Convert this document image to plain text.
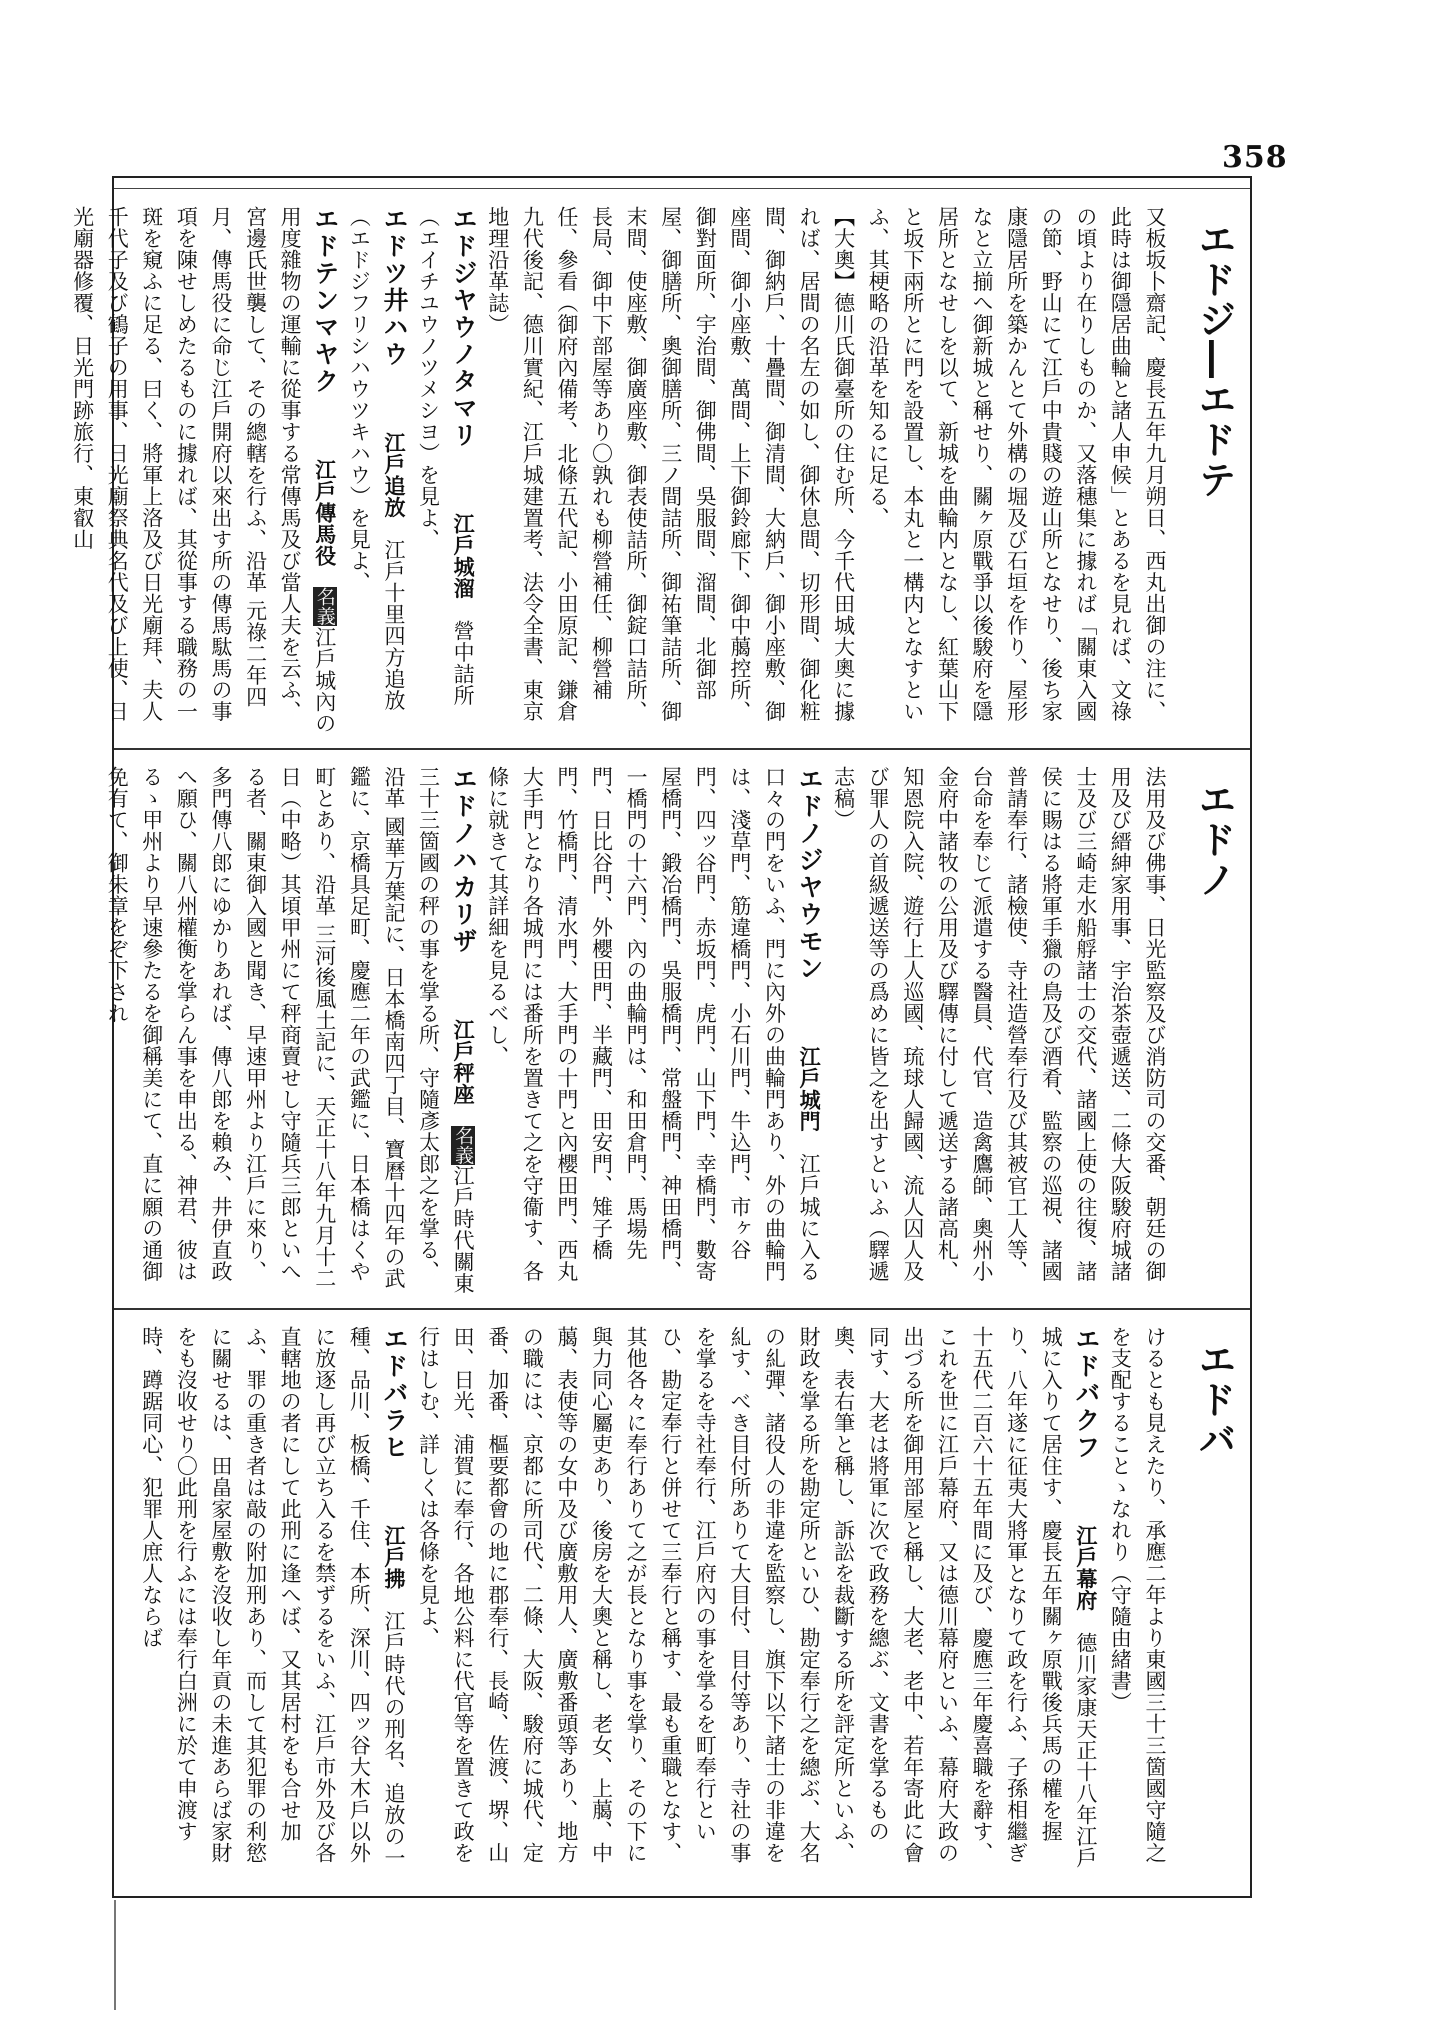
358
エドジ―エドテ
又板坂卜齋記、慶長五年九月朔日、西丸出御の注に、此時は御隱居曲輪と諸人申候」とあるを見れば、文祿の頃より在りしものか、又落穗集に據れば「關東入國の節、野山にて江戶中貴賤の遊山所となせり、後ち家康隱居所を築かんとて外構の堀及び石垣を作り、屋形なと立揃へ御新城と稱せり、關ヶ原戰爭以後駿府を隱居所となせしを以て、新城を曲輪内となし、紅葉山下と坂下兩所とに門を設置し、本丸と一構内となすといふ、其梗略の沿革を知るに足る、
【大奧】德川氏御臺所の住む所、今千代田城大奧に據れば、居間の名左の如し、御休息間、切形間、御化粧間、御納戶、十疊間、御清間、大納戶、御小座敷、御座間、御小座敷、萬間、上下御鈴廊下、御中﨟控所、御對面所、宇治間、御佛間、吳服間、溜間、北御部屋、御膳所、奧御膳所、三ノ間詰所、御祐筆詰所、御末間、使座敷、御廣座敷、御表使詰所、御錠口詰所、長局、御中下部屋等あり〇孰れも柳營補任、柳營補任、參看（御府內備考、北條五代記、小田原記、鎌倉九代後記、德川實紀、江戶城建置考、法令全書、東京地理沿革誌）
エドジヤウノタマリ　江戶城溜　營中詰所（エイチユウノツメシヨ）を見よ、
エドツ井ハウ　江戶追放　江戶十里四方追放（エドジフリシハウツキハウ）を見よ、
エドテンマヤク　江戶傳馬役　名義江戶城內の用度雜物の運輸に從事する常傳馬及び當人夫を云ふ、宮邊氏世襲して、その總轄を行ふ、沿革 元祿二年四月、傳馬役に命じ江戶開府以來出す所の傳馬駄馬の事項を陳せしめたるものに據れば、其從事する職務の一斑を窺ふに足る、曰く、將軍上洛及び日光廟拜、夫人千代子及び鶴子の用事、日光廟祭典名代及び上使、日光廟器修覆、日光門跡旅行、東叡山
エドノ
法用及び佛事、日光監察及び消防司の交番、朝廷の御用及び縉紳家用事、宇治茶壺遞送、二條大阪駿府城諸士及び三崎走水船艀諸士の交代、諸國上使の往復、諸侯に賜はる將軍手獵の鳥及び酒肴、監察の巡視、諸國普請奉行、諸檢使、寺社造營奉行及び其被官工人等、台命を奉じて派遣する醫員、代官、造禽鷹師、奧州小金府中諸牧の公用及び驛傳に付して遞送する諸高札、知恩院入院、遊行上人巡國、琉球人歸國、流人囚人及び罪人の首級遞送等の爲めに皆之を出すといふ（驛遞志稿）
エドノジヤウモン　江戶城門　江戶城に入る口々の門をいふ、門に內外の曲輪門あり、外の曲輪門は、淺草門、筋違橋門、小石川門、牛込門、市ヶ谷門、四ッ谷門、赤坂門、虎門、山下門、幸橋門、數寄屋橋門、鍛冶橋門、吳服橋門、常盤橋門、神田橋門、一橋門の十六門、內の曲輪門は、和田倉門、馬場先門、日比谷門、外櫻田門、半藏門、田安門、雉子橋門、竹橋門、清水門、大手門の十門と內櫻田門、西丸大手門となり各城門には番所を置きて之を守衞す、各條に就きて其詳細を見るべし、
エドノハカリザ　江戶秤座　名義江戶時代關東三十三箇國の秤の事を掌る所、守隨彥太郎之を掌る、沿革 國華万葉記に、日本橋南四丁目、寶曆十四年の武鑑に、京橋具足町、慶應二年の武鑑に、日本橋はくや町とあり、沿革 三河後風土記に、天正十八年九月十二日（中略）其頃甲州にて秤商賣せし守隨兵三郎といへる者、關東御入國と聞き、早速甲州より江戶に來り、多門傳八郎にゆかりあれば、傳八郎を賴み、井伊直政へ願ひ、關八州權衡を掌らん事を申出る、神君、彼はるゝ甲州より早速參たるを御稱美にて、直に願の通御免有て、御朱章をぞ下され
エドバ
けるとも見えたり、承應二年より東國三十三箇國守隨之を支配することゝなれり（守隨由緒書）
エドバクフ　江戶幕府　德川家康天正十八年江戶城に入りて居住す、慶長五年關ヶ原戰後兵馬の權を握り、八年遂に征夷大將軍となりて政を行ふ、子孫相繼ぎ十五代二百六十五年間に及び、慶應三年慶喜職を辭す、これを世に江戶幕府、又は德川幕府といふ、幕府大政の出づる所を御用部屋と稱し、大老、老中、若年寄此に會同す、大老は將軍に次で政務を總ぶ、文書を掌るもの奧、表右筆と稱し、訴訟を裁斷する所を評定所といふ、財政を掌る所を勘定所といひ、勘定奉行之を總ぶ、大名の糺彈、諸役人の非違を監察し、旗下以下諸士の非違を糺す、べき目付所ありて大目付、目付等あり、寺社の事を掌るを寺社奉行、江戶府內の事を掌るを町奉行といひ、勘定奉行と併せて三奉行と稱す、最も重職となす、其他各々に奉行ありて之が長となり事を掌り、その下に與力同心屬吏あり、後房を大奧と稱し、老女、上﨟、中﨟、表使等の女中及び廣敷用人、廣敷番頭等あり、地方の職には、京都に所司代、二條、大阪、駿府に城代、定番、加番、樞要都會の地に郡奉行、長崎、佐渡、堺、山田、日光、浦賀に奉行、各地公料に代官等を置きて政を行はしむ、詳しくは各條を見よ、
エドバラヒ　江戶拂　江戶時代の刑名、追放の一種、品川、板橋、千住、本所、深川、四ッ谷大木戶以外に放逐し再び立ち入るを禁ずるをいふ、江戶市外及び各直轄地の者にして此刑に逢へば、又其居村をも合せ加ふ、罪の重き者は敲の附加刑あり、而して其犯罪の利慾に關せるは、田畠家屋敷を沒收し年貢の未進あらば家財をも沒收せり〇此刑を行ふには奉行白洲に於て申渡す時、蹲踞同心、犯罪人庶人ならば
